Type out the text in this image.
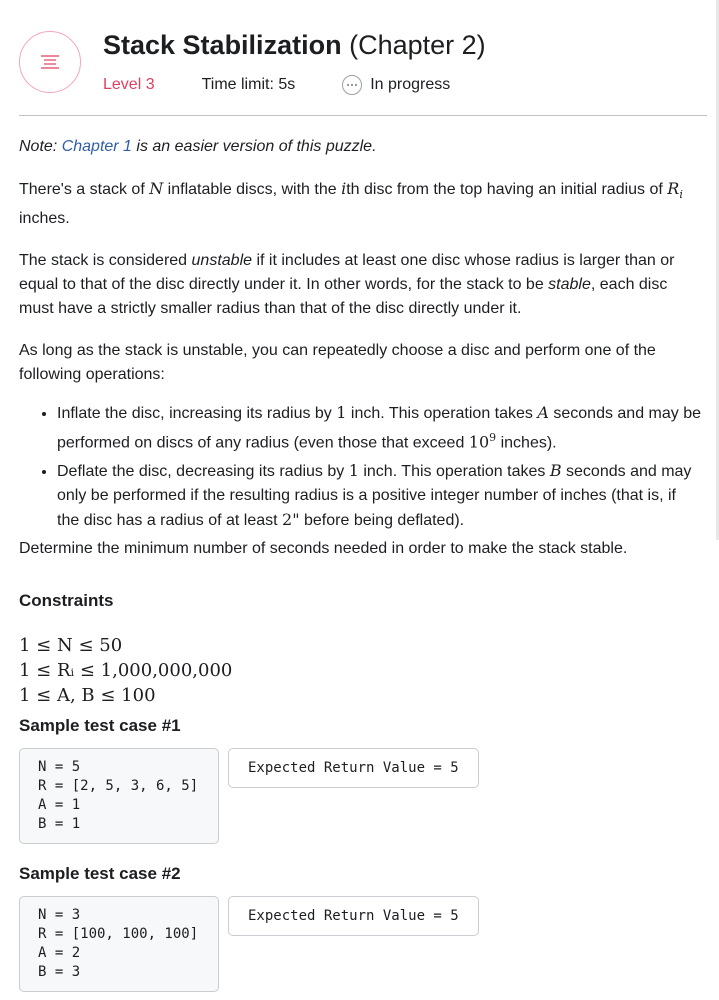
Stack Stabilization (Chapter 2)
Level 3	Time limit: 5s	In progress

Note: Chapter 1 is an easier version of this puzzle.

There's a stack of N inflatable discs, with the ith disc from the top having an initial radius of $R_i$ inches.

The stack is considered unstable if it includes at least one disc whose radius is larger than or equal to that of the disc directly under it. In other words, for the stack to be stable, each disc must have a strictly smaller radius than that of the disc directly under it.

As long as the stack is unstable, you can repeatedly choose a disc and perform one of the following operations:

• Inflate the disc, increasing its radius by 1 inch. This operation takes A seconds and may be performed on discs of any radius (even those that exceed $10^9$ inches).
• Deflate the disc, decreasing its radius by 1 inch. This operation takes B seconds and may only be performed if the resulting radius is a positive integer number of inches (that is, if the disc has a radius of at least 2" before being deflated).

Determine the minimum number of seconds needed in order to make the stack stable.

Constraints
1 ≤ N ≤ 50
1 ≤ Rᵢ ≤ 1,000,000,000
1 ≤ A, B ≤ 100
Sample test case #1
N = 5
R = [2, 5, 3, 6, 5]
A = 1
B = 1
Expected Return Value = 5
Sample test case #2
N = 3
R = [100, 100, 100]
A = 2
B = 3
Expected Return Value = 5
